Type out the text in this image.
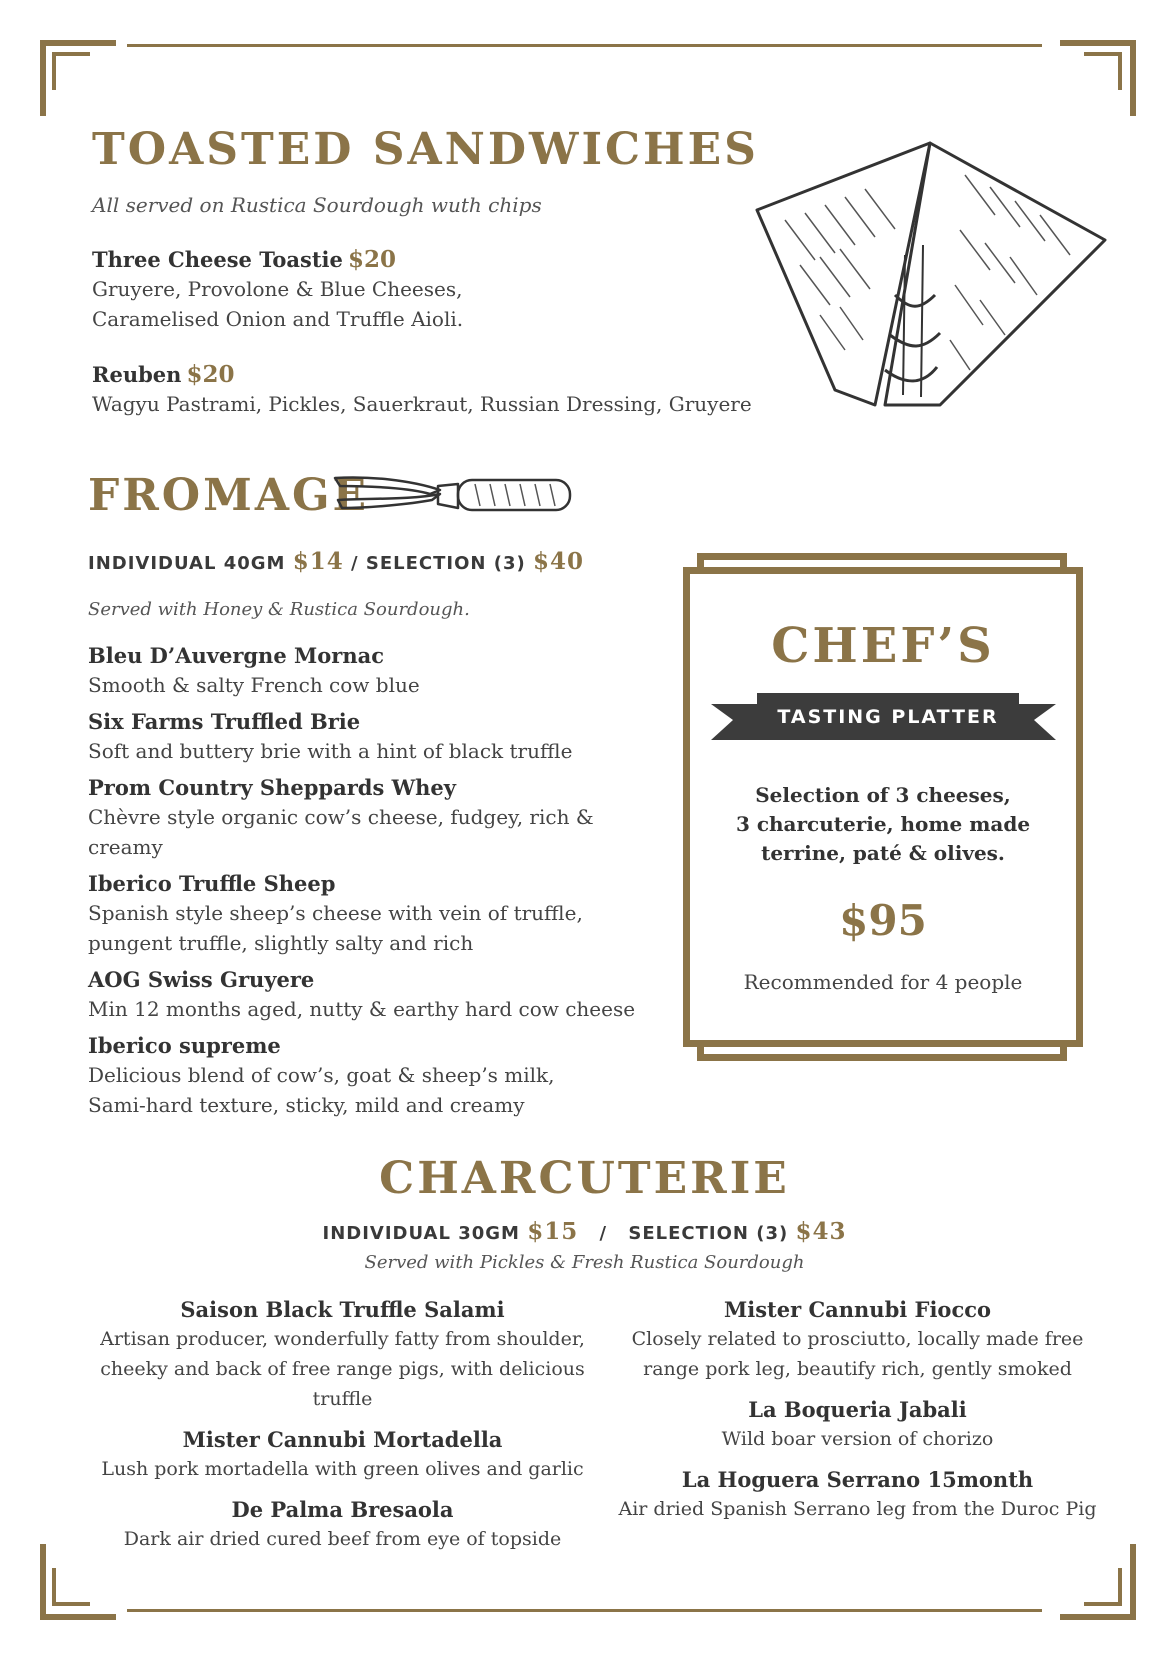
TOASTED SANDWICHES
All served on Rustica Sourdough wuth chips
Three Cheese Toastie $20
Gruyere, Provolone & Blue Cheeses,
Caramelised Onion and Truffle Aioli.
Reuben $20
Wagyu Pastrami, Pickles, Sauerkraut, Russian Dressing, Gruyere
FROMAGE
INDIVIDUAL 40GM $14 / SELECTION (3) $40
Served with Honey & Rustica Sourdough.
Bleu D’Auvergne Mornac
Smooth & salty French cow blue
Six Farms Truffled Brie
Soft and buttery brie with a hint of black truffle
Prom Country Sheppards Whey
Chèvre style organic cow’s cheese, fudgey, rich & creamy
Iberico Truffle Sheep
Spanish style sheep’s cheese with vein of truffle,
pungent truffle, slightly salty and rich
AOG Swiss Gruyere
Min 12 months aged, nutty & earthy hard cow cheese
Iberico supreme
Delicious blend of cow’s, goat & sheep’s milk,
Sami-hard texture, sticky, mild and creamy
CHEF’S
TASTING PLATTER
Selection of 3 cheeses,
3 charcuterie, home made
terrine, paté & olives.
$95
Recommended for 4 people
CHARCUTERIE
INDIVIDUAL 30GM $15 / SELECTION (3) $43
Served with Pickles & Fresh Rustica Sourdough
Saison Black Truffle Salami
Artisan producer, wonderfully fatty from shoulder,
cheeky and back of free range pigs, with delicious truffle
Mister Cannubi Mortadella
Lush pork mortadella with green olives and garlic
De Palma Bresaola
Dark air dried cured beef from eye of topside
Mister Cannubi Fiocco
Closely related to prosciutto, locally made free
range pork leg, beautify rich, gently smoked
La Boqueria Jabali
Wild boar version of chorizo
La Hoguera Serrano 15month
Air dried Spanish Serrano leg from the Duroc Pig
